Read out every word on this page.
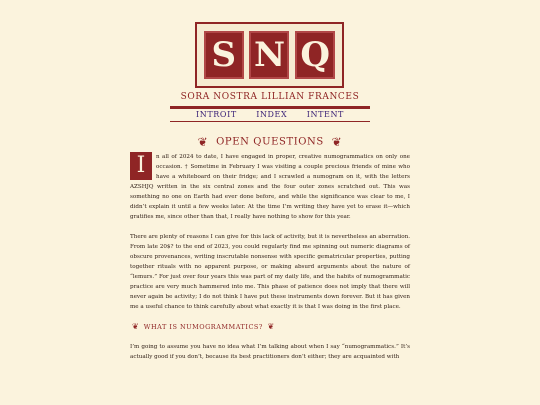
S N Q
SORA NOSTRA LILLIAN FRANCES
INTROIT INDEX INTENT
❦ OPEN QUESTIONS ❦
I	n all of 2024 to date, I have engaged in proper, creative numogrammatics on only one occasion. † Sometime in February I was visiting a couple precious friends of mine who have a whiteboard on their fridge; and I scrawled a numogram on it, with the letters AZSHJQ written in the six central zones and the four outer zones scratched out. This was something no one on Earth had ever done before, and while the significance was clear to me, I didn’t explain it until a few weeks later. At the time I’m writing they have yet to erase it—which gratifies me, since other than that, I really have nothing to show for this year.
There are plenty of reasons I can give for this lack of activity, but it is nevertheless an aberration. From late 20$? to the end of 2023, you could regularly find me spinning out numeric diagrams of obscure provenances, writing inscrutable nonsense with specific gematricular properties, putting together rituals with no apparent purpose, or making absurd arguments about the nature of “lemurs.” For just over four years this was part of my daily life, and the habits of numogrammatic practice are very much hammered into me. This phase of patience does not imply that there will never again be activity; I do not think I have put these instruments down forever. But it has given me a useful chance to think carefully about what exactly it is that I was doing in the first place.
❦ WHAT IS NUMOGRAMMATICS? ❦
I’m going to assume you have no idea what I’m talking about when I say “numogrammatics.” It’s actually good if you don’t, because its best practitioners don’t either; they are acquainted with
